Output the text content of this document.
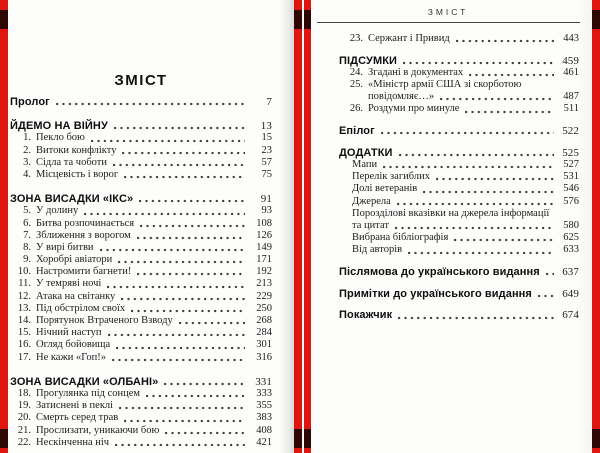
ЗМІСТ
Пролог	7
ЙДЕМО НА ВІЙНУ	13
1. Пекло бою	15
2. Витоки конфлікту	23
3. Сідла та чоботи	57
4. Місцевість і ворог	75
ЗОНА ВИСАДКИ «ІКС»	91
5. У долину	93
6. Битва розпочинається	108
7. Зближення з ворогом	126
8. У вирі битви	149
9. Хоробрі авіатори	171
10. Настромити багнети!	192
11. У темряві ночі	213
12. Атака на світанку	229
13. Під обстрілом своїх	250
14. Порятунок Втраченого Взводу	268
15. Нічний наступ	284
16. Огляд бойовища	301
17. Не кажи «Гоп!»	316
ЗОНА ВИСАДКИ «ОЛБАНІ»	331
18. Прогулянка під сонцем	333
19. Затиснені в пеклі	355
20. Смерть серед трав	383
21. Прослизати, уникаючи бою	408
22. Нескінченна ніч	421
ЗМІСТ
23. Сержант і Привид	443
ПІДСУМКИ	459
24. Згадані в документах	461
25. «Міністр армії США зі скорботою
повідомляє…»	487
26. Роздуми про минуле	511
Епілог	522
ДОДАТКИ	525
Мапи	527
Перелік загиблих	531
Долі ветеранів	546
Джерела	576
Порозділові вказівки на джерела інформації
та цитат	580
Вибрана бібліографія	625
Від авторів	633
Післямова до українського видання	637
Примітки до українського видання	649
Покажчик	674
